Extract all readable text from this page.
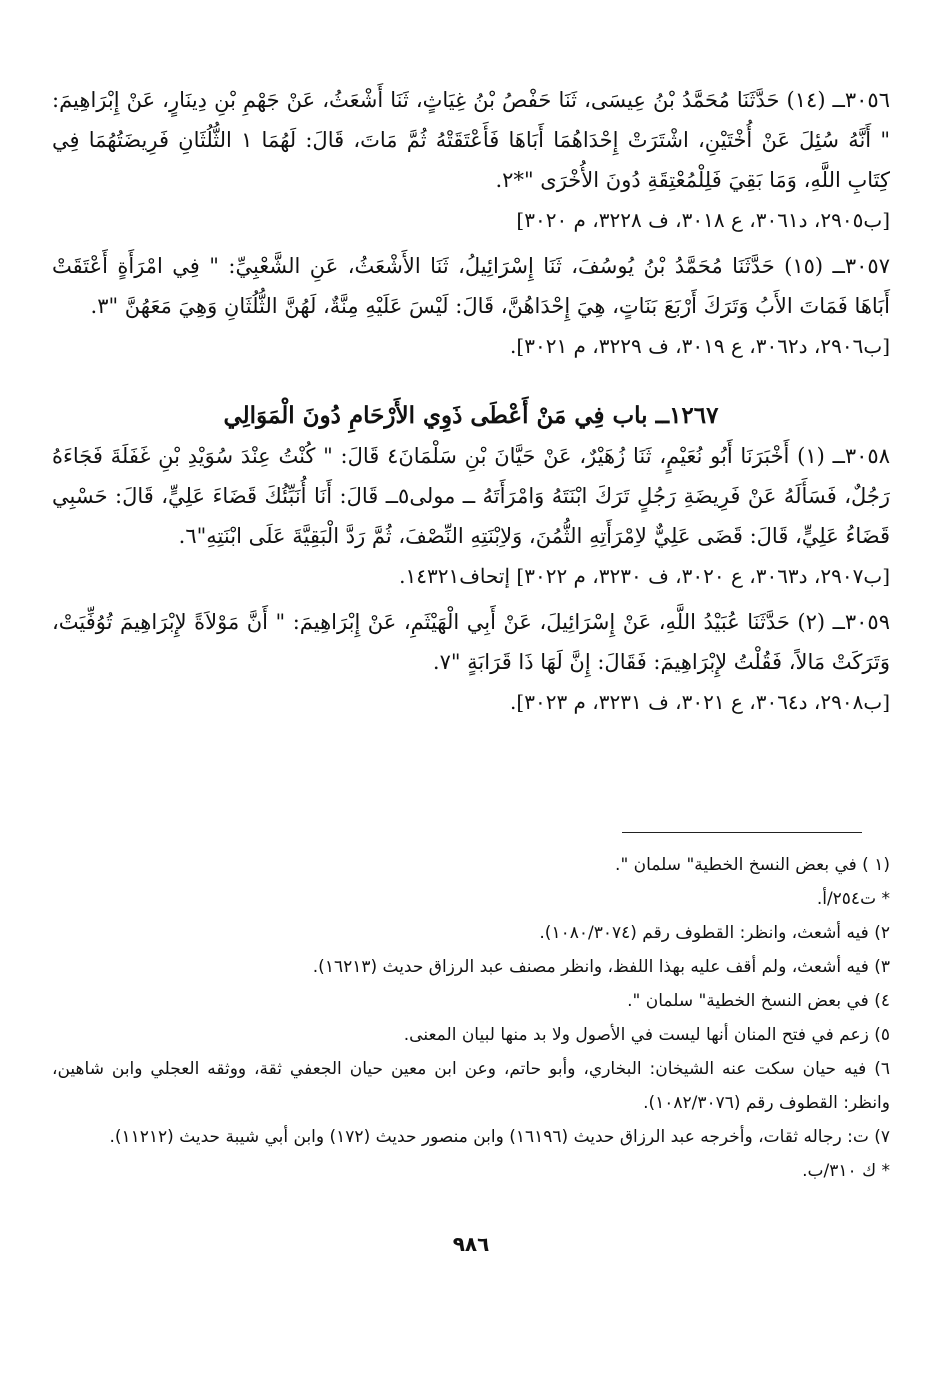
٣٠٥٦ــ (١٤) حَدَّثَنَا مُحَمَّدُ بْنُ عِيسَى، ثَنَا حَفْصُ بْنُ غِيَاثٍ، ثَنَا أَشْعَثُ، عَنْ جَهْمِ بْنِ دِينَارٍ، عَنْ إِبْرَاهِيمَ: " أَنَّهُ سُئِلَ عَنْ أُخْتَيْنِ، اشْتَرَتْ إِحْدَاهُمَا أَبَاهَا فَأَعْتَقَتْهُ ثُمَّ مَاتَ، قَالَ: لَهُمَا ١ الثُّلُثَانِ فَرِيضَتُهُمَا فِي كِتَابِ اللَّهِ، وَمَا بَقِيَ فَلِلْمُعْتِقَةِ دُونَ الأُخْرَى "*٢.

[ب٢٩٠٥، د٣٠٦١، ع ٣٠١٨، ف ٣٢٢٨، م ٣٠٢٠]

٣٠٥٧ــ (١٥) حَدَّثَنَا مُحَمَّدُ بْنُ يُوسُفَ، ثَنَا إِسْرَائِيلُ، ثَنَا الأَشْعَثُ، عَنِ الشَّعْبِيِّ: " فِي امْرَأَةٍ أَعْتَقَتْ أَبَاهَا فَمَاتَ الأَبُ وَتَرَكَ أَرْبَعَ بَنَاتٍ، هِيَ إِحْدَاهُنَّ، قَالَ: لَيْسَ عَلَيْهِ مِنَّةٌ، لَهُنَّ الثُّلُثَانِ وَهِيَ مَعَهُنَّ "٣.

[ب٢٩٠٦، د٣٠٦٢، ع ٣٠١٩، ف ٣٢٢٩، م ٣٠٢١].

١٢٦٧ــ باب فِي مَنْ أَعْطَى ذَوِي الأَرْحَامِ دُونَ الْمَوَالِي

٣٠٥٨ــ (١) أَخْبَرَنَا أَبُو نُعَيْمٍ، ثَنَا زُهَيْرٌ، عَنْ حَيَّانَ بْنِ سَلْمَانَ٤ قَالَ: " كُنْتُ عِنْدَ سُوَيْدِ بْنِ غَفَلَةَ فَجَاءَهُ رَجُلٌ، فَسَأَلَهُ عَنْ فَرِيضَةِ رَجُلٍ تَرَكَ ابْنَتَهُ وَامْرَأَتَهُ ــ مولى٥ــ قَالَ: أَنَا أُنَبِّئُكَ قَضَاءَ عَلِيٍّ، قَالَ: حَسْبِي قَضَاءُ عَلِيٍّ، قَالَ: قَضَى عَلِيٌّ لاِمْرَأَتِهِ الثُّمُنَ، وَلاِبْنَتِهِ النِّصْفَ، ثُمَّ رَدَّ الْبَقِيَّةَ عَلَى ابْنَتِهِ"٦.

[ب٢٩٠٧، د٣٠٦٣، ع ٣٠٢٠، ف ٣٢٣٠، م ٣٠٢٢] إتحاف١٤٣٢١.

٣٠٥٩ــ (٢) حَدَّثَنَا عُبَيْدُ اللَّهِ، عَنْ إِسْرَائِيلَ، عَنْ أَبِي الْهَيْثَمِ، عَنْ إِبْرَاهِيمَ: " أَنَّ مَوْلاَةً لإِبْرَاهِيمَ تُوُفِّيَتْ، وَتَرَكَتْ مَالاً، فَقُلْتُ لإِبْرَاهِيمَ: فَقَالَ: إِنَّ لَهَا ذَا قَرَابَةٍ "٧.

[ب٢٩٠٨، د٣٠٦٤، ع ٣٠٢١، ف ٣٢٣١، م ٣٠٢٣].

(١ ) في بعض النسخ الخطية" سلمان ".

* ت٢٥٤/أ.

٢) فيه أشعث، وانظر: القطوف رقم (١٠٨٠/٣٠٧٤).

٣) فيه أشعث، ولم أقف عليه بهذا اللفظ، وانظر مصنف عبد الرزاق حديث (١٦٢١٣).

٤) في بعض النسخ الخطية" سلمان ".

٥) زعم في فتح المنان أنها ليست في الأصول ولا بد منها لبيان المعنى.

٦) فيه حيان سكت عنه الشيخان: البخاري، وأبو حاتم، وعن ابن معين حيان الجعفي ثقة، ووثقه العجلي وابن شاهين، وانظر: القطوف رقم (١٠٨٢/٣٠٧٦).

٧) ت: رجاله ثقات، وأخرجه عبد الرزاق حديث (١٦١٩٦) وابن منصور حديث (١٧٢) وابن أبي شيبة حديث (١١٢١٢).

* ك ٣١٠/ب.

٩٨٦
